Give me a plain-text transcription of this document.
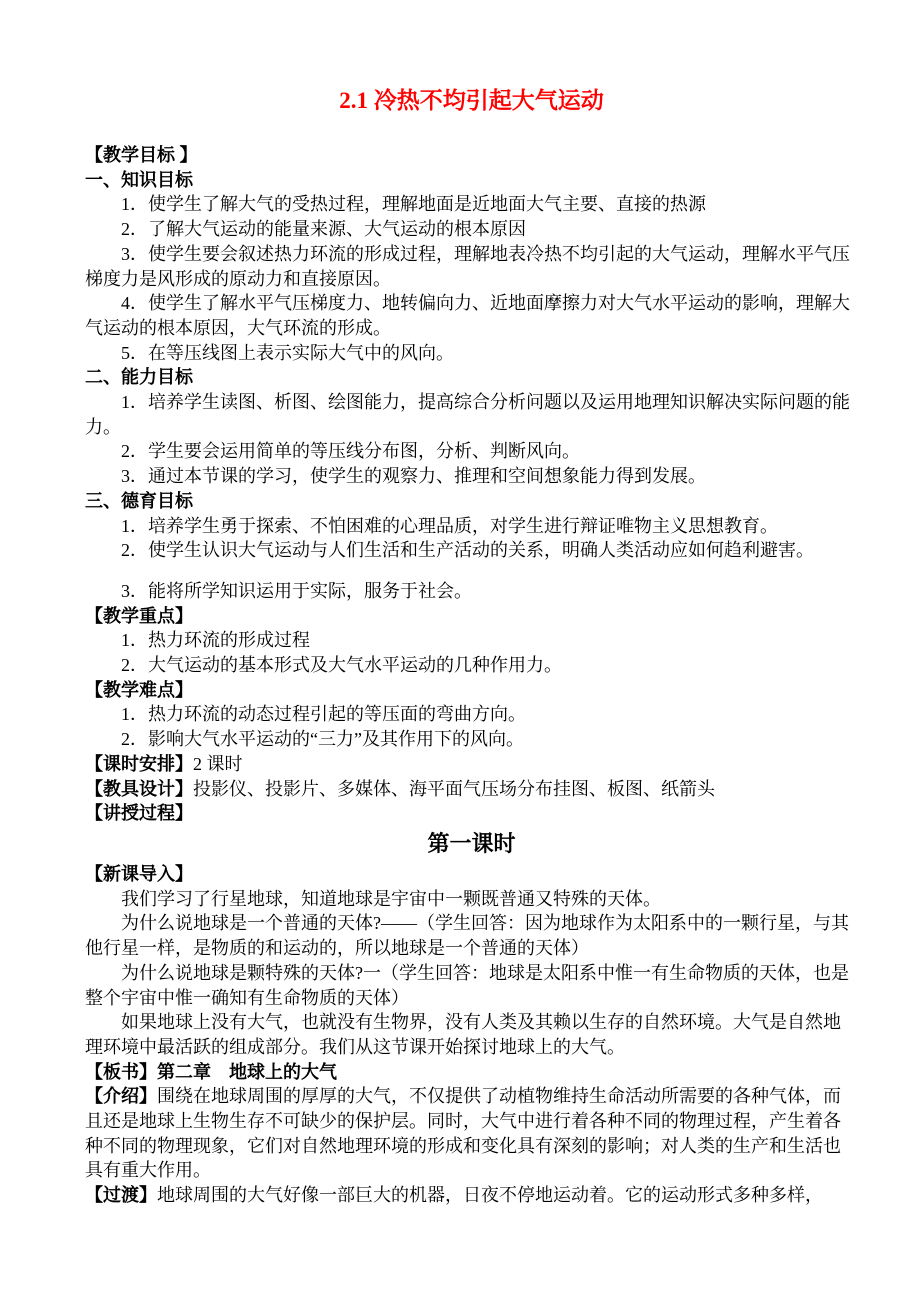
2.1 冷热不均引起大气运动

【教学目标 】

一、知识目标

1．使学生了解大气的受热过程，理解地面是近地面大气主要、直接的热源

2．了解大气运动的能量来源、大气运动的根本原因

3．使学生要会叙述热力环流的形成过程，理解地表冷热不均引起的大气运动，理解水平气压梯度力是风形成的原动力和直接原因。

4．使学生了解水平气压梯度力、地转偏向力、近地面摩擦力对大气水平运动的影响，理解大气运动的根本原因，大气环流的形成。

5．在等压线图上表示实际大气中的风向。

二、能力目标

1．培养学生读图、析图、绘图能力，提高综合分析问题以及运用地理知识解决实际问题的能力。

2．学生要会运用简单的等压线分布图，分析、判断风向。

3．通过本节课的学习，使学生的观察力、推理和空间想象能力得到发展。

三、德育目标

1．培养学生勇于探索、不怕困难的心理品质，对学生进行辩证唯物主义思想教育。

2．使学生认识大气运动与人们生活和生产活动的关系，明确人类活动应如何趋利避害。

3．能将所学知识运用于实际，服务于社会。

【教学重点】

1．热力环流的形成过程

2．大气运动的基本形式及大气水平运动的几种作用力。

【教学难点】

1．热力环流的动态过程引起的等压面的弯曲方向。

2．影响大气水平运动的“三力”及其作用下的风向。

【课时安排】2 课时

【教具设计】投影仪、投影片、多媒体、海平面气压场分布挂图、板图、纸箭头

【讲授过程】

第一课时

【新课导入】

我们学习了行星地球，知道地球是宇宙中一颗既普通又特殊的天体。

为什么说地球是一个普通的天体?——（学生回答：因为地球作为太阳系中的一颗行星，与其他行星一样，是物质的和运动的，所以地球是一个普通的天体）

为什么说地球是颗特殊的天体?一（学生回答：地球是太阳系中惟一有生命物质的天体，也是整个宇宙中惟一确知有生命物质的天体）

如果地球上没有大气，也就没有生物界，没有人类及其赖以生存的自然环境。大气是自然地理环境中最活跃的组成部分。我们从这节课开始探讨地球上的大气。

【板书】第二章　地球上的大气

【介绍】围绕在地球周围的厚厚的大气，不仅提供了动植物维持生命活动所需要的各种气体，而且还是地球上生物生存不可缺少的保护层。同时，大气中进行着各种不同的物理过程，产生着各种不同的物理现象，它们对自然地理环境的形成和变化具有深刻的影响；对人类的生产和生活也具有重大作用。

【过渡】地球周围的大气好像一部巨大的机器，日夜不停地运动着。它的运动形式多种多样，
